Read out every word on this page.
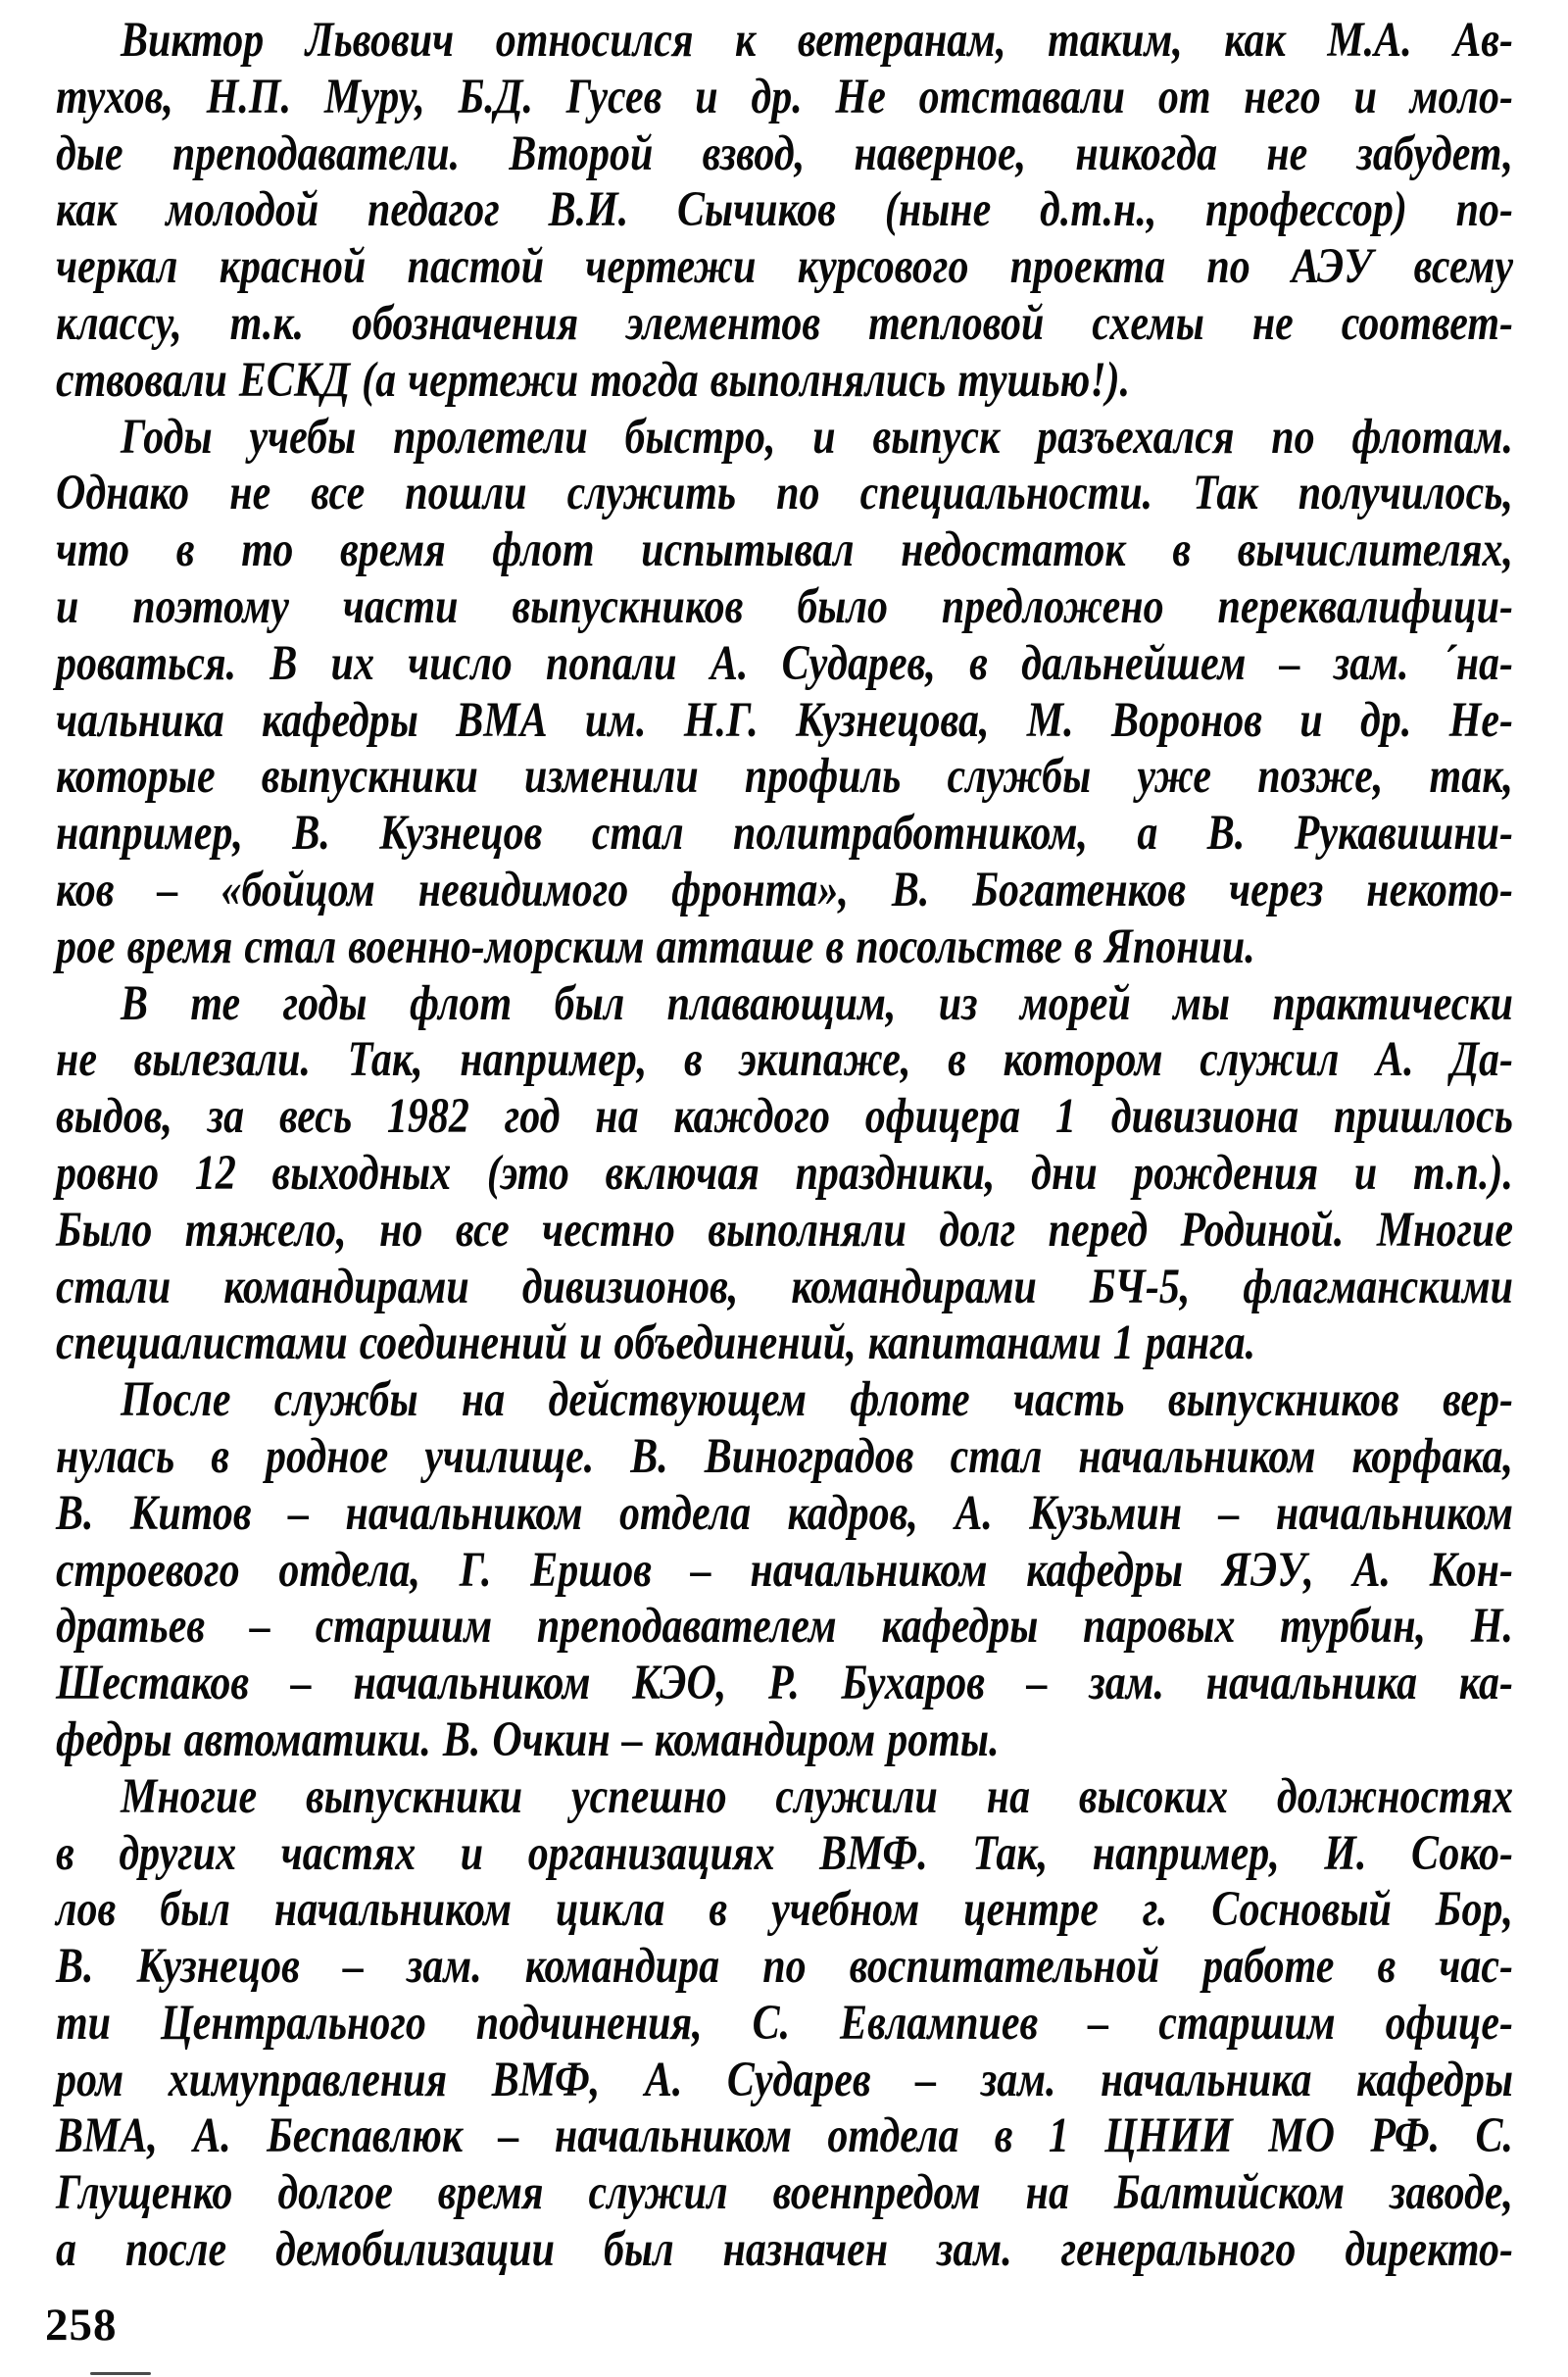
Виктор Львович относился к ветеранам, таким, как М.А. Ав-
тухов, Н.П. Муру, Б.Д. Гусев и др. Не отставали от него и моло-
дые преподаватели. Второй взвод, наверное, никогда не забудет,
как молодой педагог В.И. Сычиков (ныне д.т.н., профессор) по-
черкал красной пастой чертежи курсового проекта по АЭУ всему
классу, т.к. обозначения элементов тепловой схемы не соответ-
ствовали ЕСКД (а чертежи тогда выполнялись тушью!).
Годы учебы пролетели быстро, и выпуск разъехался по флотам.
Однако не все пошли служить по специальности. Так получилось,
что в то время флот испытывал недостаток в вычислителях,
и поэтому части выпускников было предложено переквалифици-
роваться. В их число попали А. Сударев, в дальнейшем – зам. ´на-
чальника кафедры ВМА им. Н.Г. Кузнецова, М. Воронов и др. Не-
которые выпускники изменили профиль службы уже позже, так,
например, В. Кузнецов стал политработником, а В. Рукавишни-
ков – «бойцом невидимого фронта», В. Богатенков через некото-
рое время стал военно-морским атташе в посольстве в Японии.
В те годы флот был плавающим, из морей мы практически
не вылезали. Так, например, в экипаже, в котором служил А. Да-
выдов, за весь 1982 год на каждого офицера 1 дивизиона пришлось
ровно 12 выходных (это включая праздники, дни рождения и т.п.).
Было тяжело, но все честно выполняли долг перед Родиной. Многие
стали командирами дивизионов, командирами БЧ-5, флагманскими
специалистами соединений и объединений, капитанами 1 ранга.
После службы на действующем флоте часть выпускников вер-
нулась в родное училище. В. Виноградов стал начальником корфака,
В. Китов – начальником отдела кадров, А. Кузьмин – начальником
строевого отдела, Г. Ершов – начальником кафедры ЯЭУ, А. Кон-
дратьев – старшим преподавателем кафедры паровых турбин, Н.
Шестаков – начальником КЭО, Р. Бухаров – зам. начальника ка-
федры автоматики. В. Очкин – командиром роты.
Многие выпускники успешно служили на высоких должностях
в других частях и организациях ВМФ. Так, например, И. Соко-
лов был начальником цикла в учебном центре г. Сосновый Бор,
В. Кузнецов – зам. командира по воспитательной работе в час-
ти Центрального подчинения, С. Евлампиев – старшим офице-
ром химуправления ВМФ, А. Сударев – зам. начальника кафедры
ВМА, А. Беспавлюк – начальником отдела в 1 ЦНИИ МО РФ. С.
Глущенко долгое время служил военпредом на Балтийском заводе,
а после демобилизации был назначен зам. генерального директо-
258
